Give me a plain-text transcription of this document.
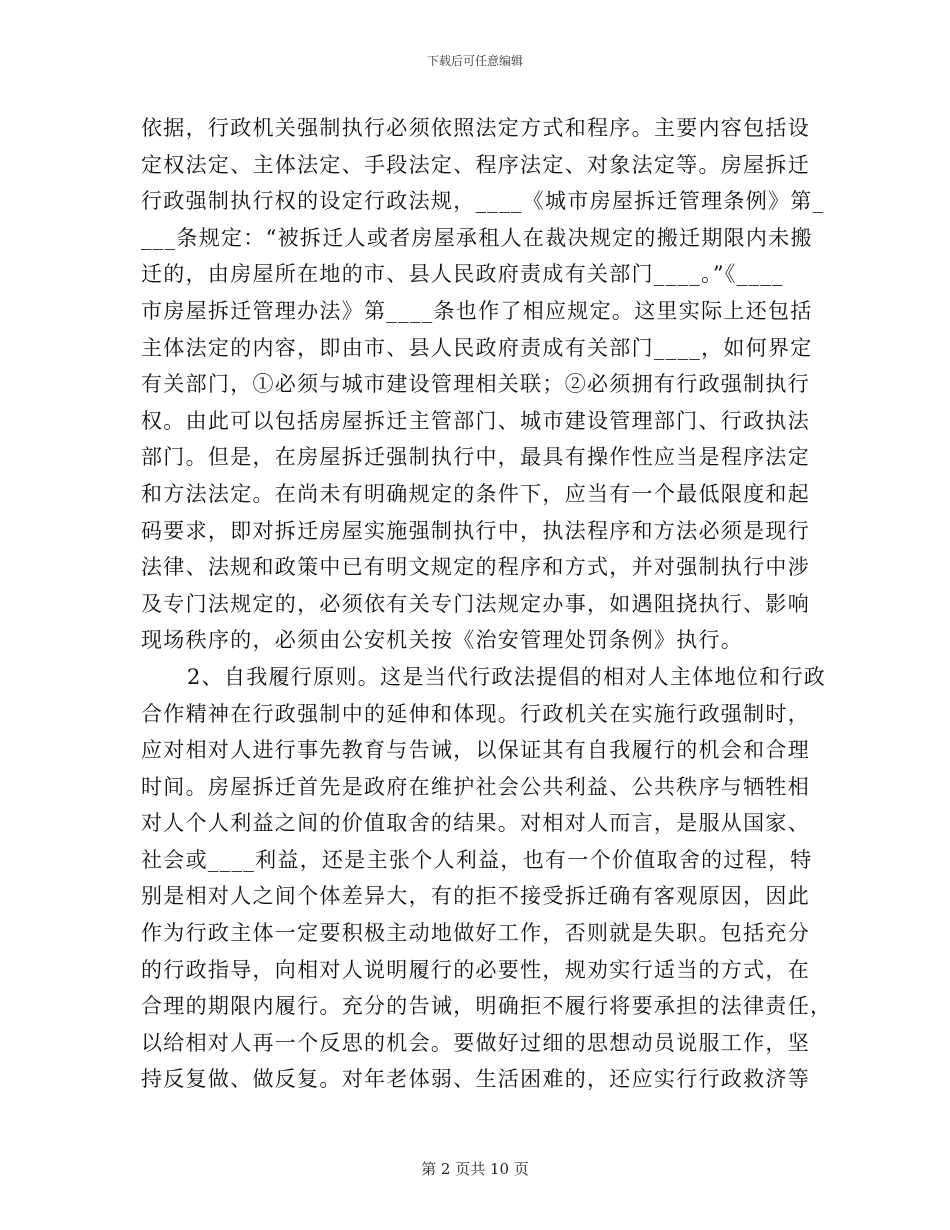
下载后可任意编辑
依据，行政机关强制执行必须依照法定方式和程序。主要内容包括设
定权法定、主体法定、手段法定、程序法定、对象法定等。房屋拆迁
行政强制执行权的设定行政法规，____《城市房屋拆迁管理条例》第_
___条规定：“被拆迁人或者房屋承租人在裁决规定的搬迁期限内未搬
迁的，由房屋所在地的市、县人民政府责成有关部门____。”《____
市房屋拆迁管理办法》第____条也作了相应规定。这里实际上还包括
主体法定的内容，即由市、县人民政府责成有关部门____，如何界定
有关部门，①必须与城市建设管理相关联；②必须拥有行政强制执行
权。由此可以包括房屋拆迁主管部门、城市建设管理部门、行政执法
部门。但是，在房屋拆迁强制执行中，最具有操作性应当是程序法定
和方法法定。在尚未有明确规定的条件下，应当有一个最低限度和起
码要求，即对拆迁房屋实施强制执行中，执法程序和方法必须是现行
法律、法规和政策中已有明文规定的程序和方式，并对强制执行中涉
及专门法规定的，必须依有关专门法规定办事，如遇阻挠执行、影响
现场秩序的，必须由公安机关按《治安管理处罚条例》执行。
2、自我履行原则。这是当代行政法提倡的相对人主体地位和行政
合作精神在行政强制中的延伸和体现。行政机关在实施行政强制时，
应对相对人进行事先教育与告诫，以保证其有自我履行的机会和合理
时间。房屋拆迁首先是政府在维护社会公共利益、公共秩序与牺牲相
对人个人利益之间的价值取舍的结果。对相对人而言，是服从国家、
社会或____利益，还是主张个人利益，也有一个价值取舍的过程，特
别是相对人之间个体差异大，有的拒不接受拆迁确有客观原因，因此
作为行政主体一定要积极主动地做好工作，否则就是失职。包括充分
的行政指导，向相对人说明履行的必要性，规劝实行适当的方式，在
合理的期限内履行。充分的告诫，明确拒不履行将要承担的法律责任，
以给相对人再一个反思的机会。要做好过细的思想动员说服工作，坚
持反复做、做反复。对年老体弱、生活困难的，还应实行行政救济等
第 2 页共 10 页
